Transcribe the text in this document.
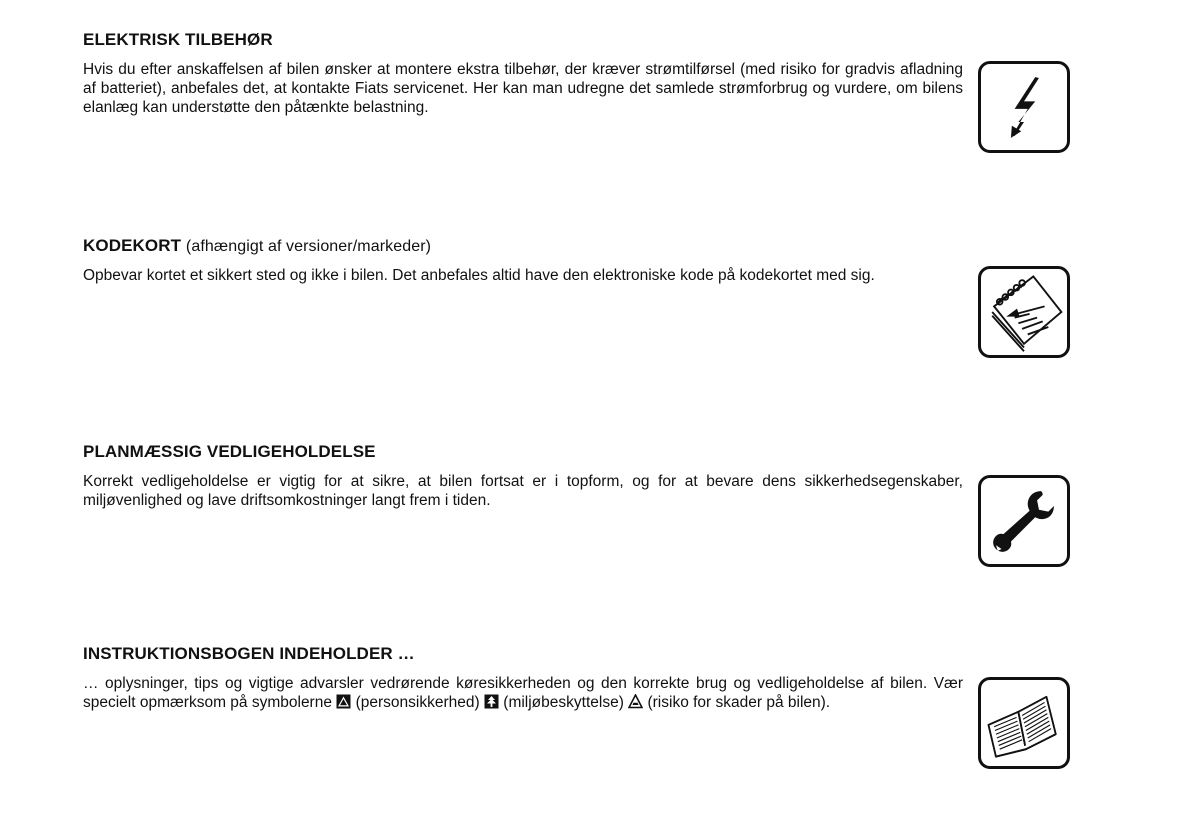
ELEKTRISK TILBEHØR

Hvis du efter anskaffelsen af bilen ønsker at montere ekstra tilbehør, der kræver strømtilførsel (med risiko for gradvis afladning af batteriet), anbefales det, at kontakte Fiats servicenet. Her kan man udregne det samlede strømforbrug og vurdere, om bilens elanlæg kan understøtte den påtænkte belastning.

KODEKORT (afhængigt af versioner/markeder)

Opbevar kortet et sikkert sted og ikke i bilen. Det anbefales altid have den elektroniske kode på kodekortet med sig.

PLANMÆSSIG VEDLIGEHOLDELSE

Korrekt vedligeholdelse er vigtig for at sikre, at bilen fortsat er i topform, og for at bevare dens sikkerhedsegenskaber, miljøvenlighed og lave driftsomkostninger langt frem i tiden.

INSTRUKTIONSBOGEN INDEHOLDER …

… oplysninger, tips og vigtige advarsler vedrørende køresikkerheden og den korrekte brug og vedligeholdelse af bilen. Vær specielt opmærksom på symbolerne (personsikkerhed) (miljøbeskyttelse) (risiko for skader på bilen).
